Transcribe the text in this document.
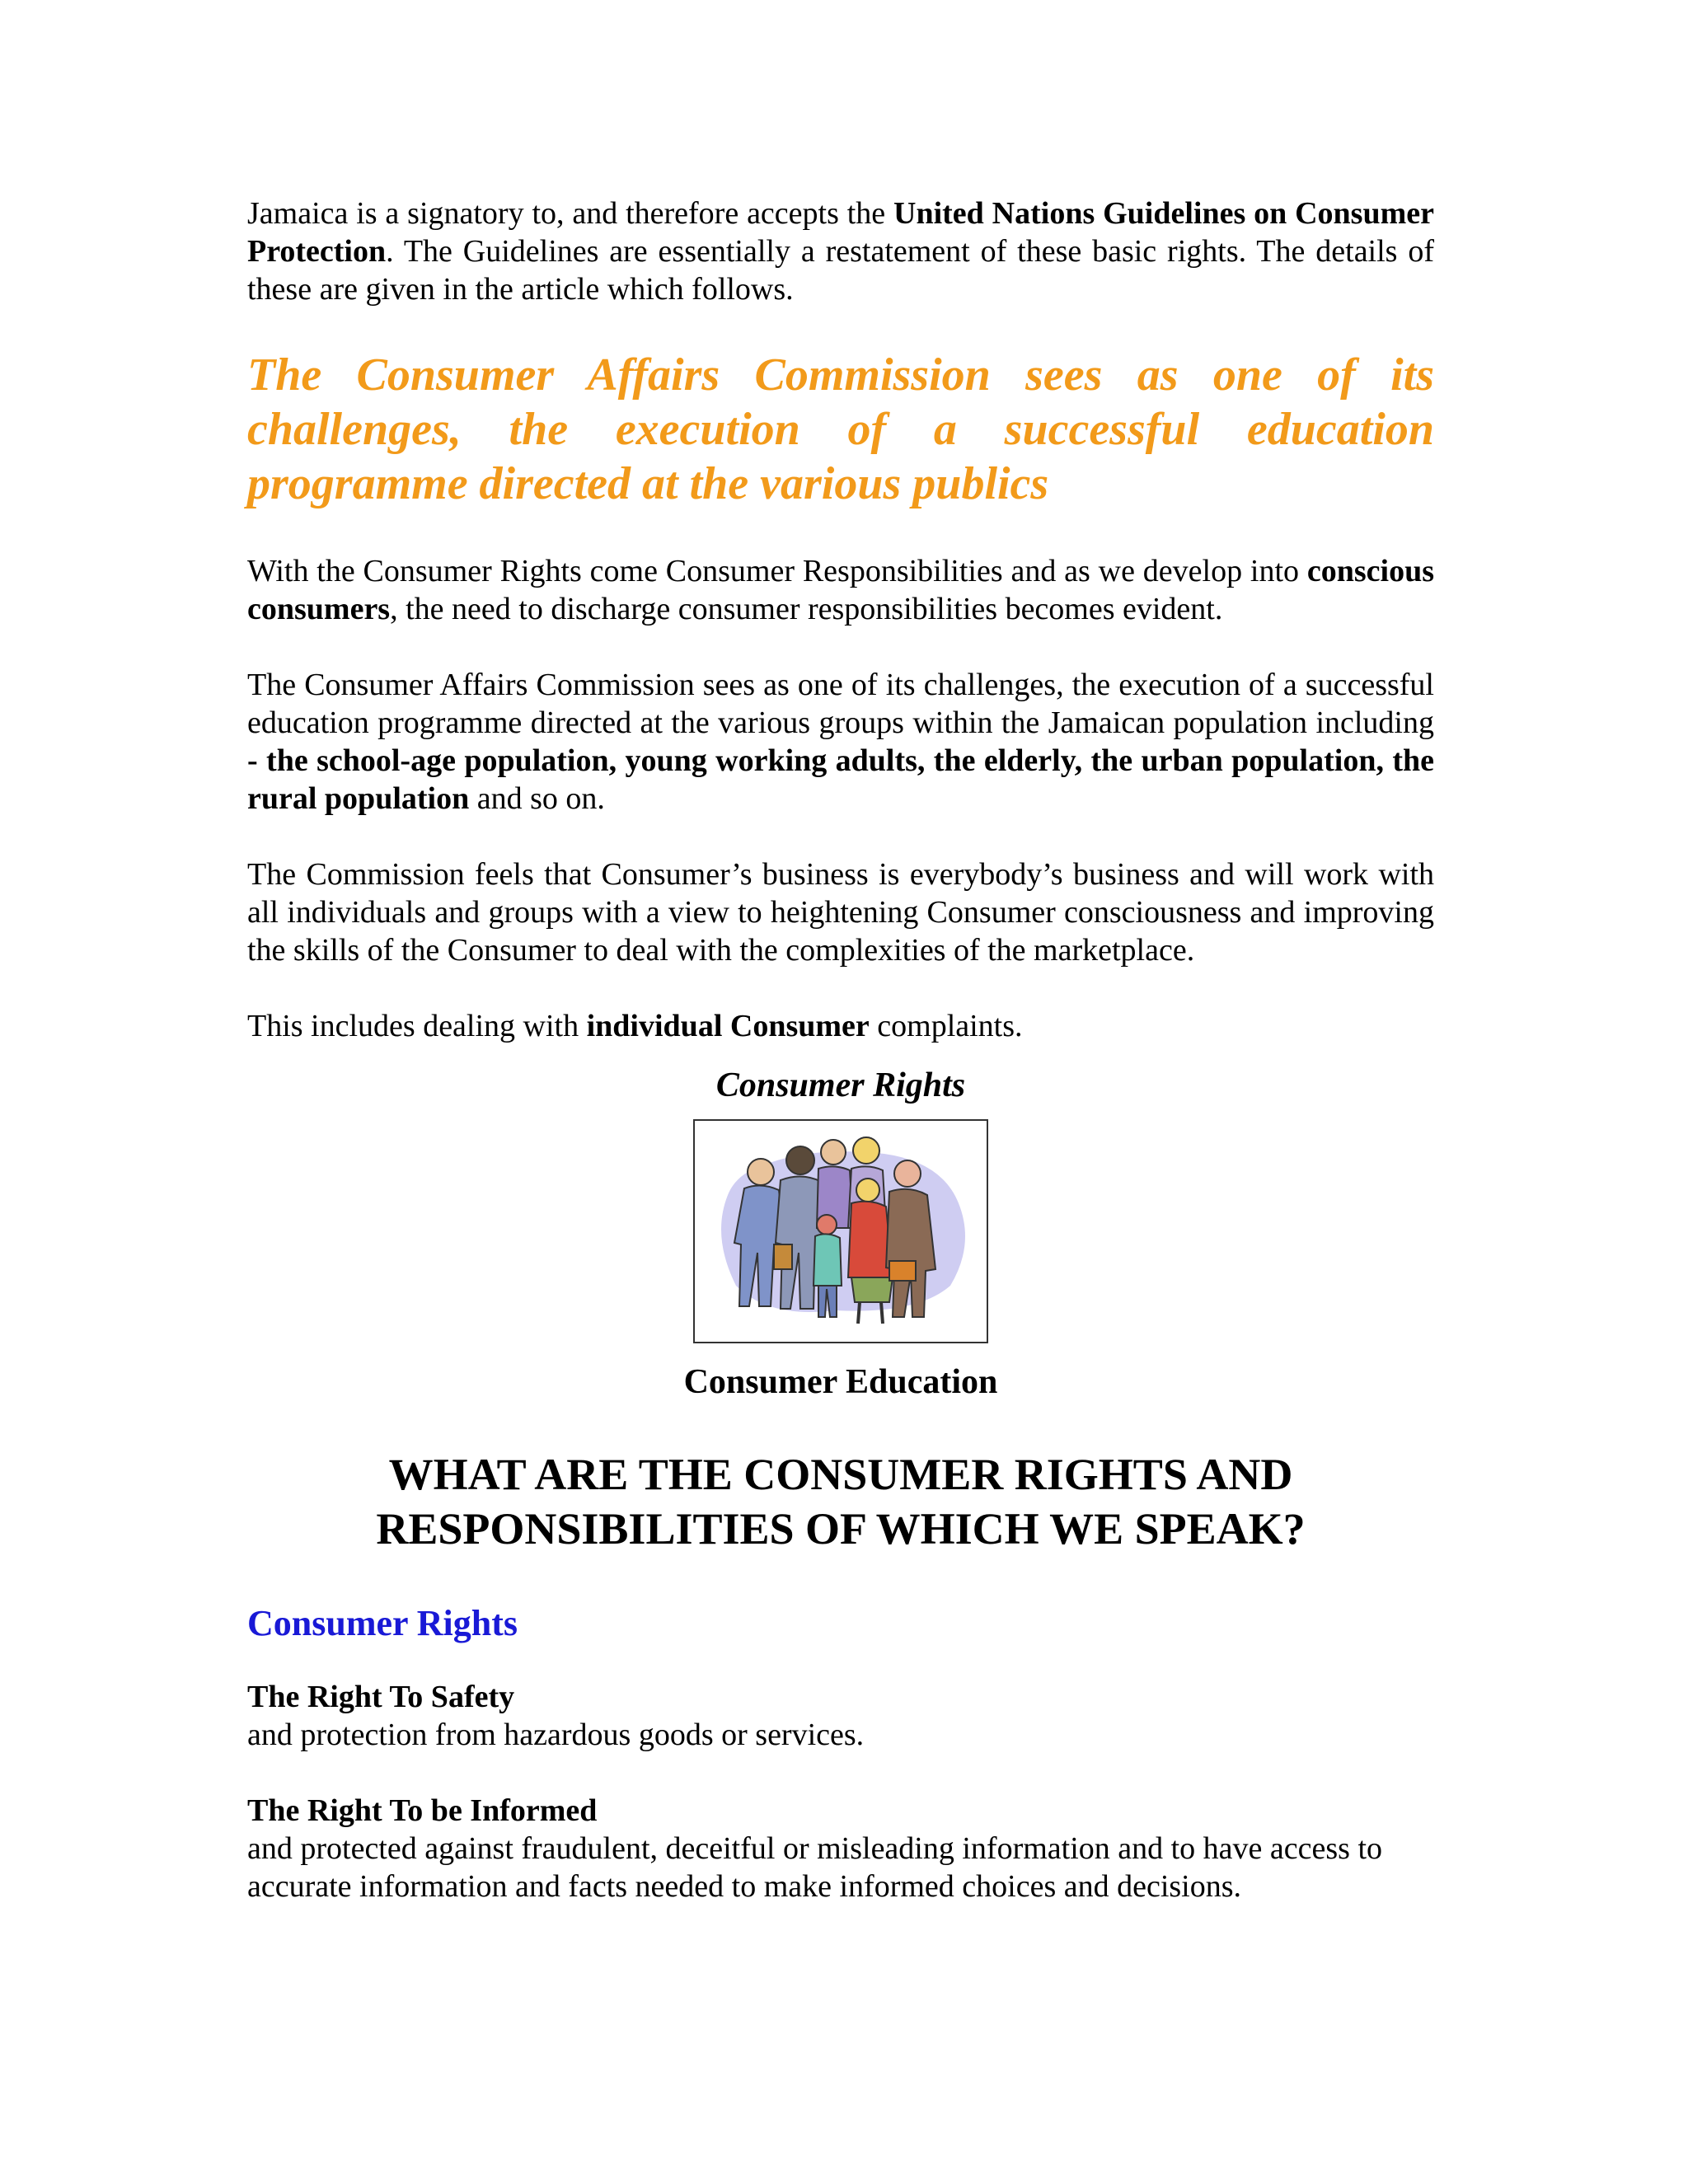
Jamaica is a signatory to, and therefore accepts the United Nations Guidelines on Consumer Protection. The Guidelines are essentially a restatement of these basic rights. The details of these are given in the article which follows.

The Consumer Affairs Commission sees as one of its challenges, the execution of a successful education programme directed at the various publics

With the Consumer Rights come Consumer Responsibilities and as we develop into conscious consumers, the need to discharge consumer responsibilities becomes evident.

The Consumer Affairs Commission sees as one of its challenges, the execution of a successful education programme directed at the various groups within the Jamaican population including - the school-age population, young working adults, the elderly, the urban population, the rural population and so on.

The Commission feels that Consumer’s business is everybody’s business and will work with all individuals and groups with a view to heightening Consumer consciousness and improving the skills of the Consumer to deal with the complexities of the marketplace.

This includes dealing with individual Consumer complaints.

Consumer Rights
Consumer Education
WHAT ARE THE CONSUMER RIGHTS AND
RESPONSIBILITIES OF WHICH WE SPEAK?
Consumer Rights
The Right To Safety
and protection from hazardous goods or services.
The Right To be Informed
and protected against fraudulent, deceitful or misleading information and to have access to accurate information and facts needed to make informed choices and decisions.
